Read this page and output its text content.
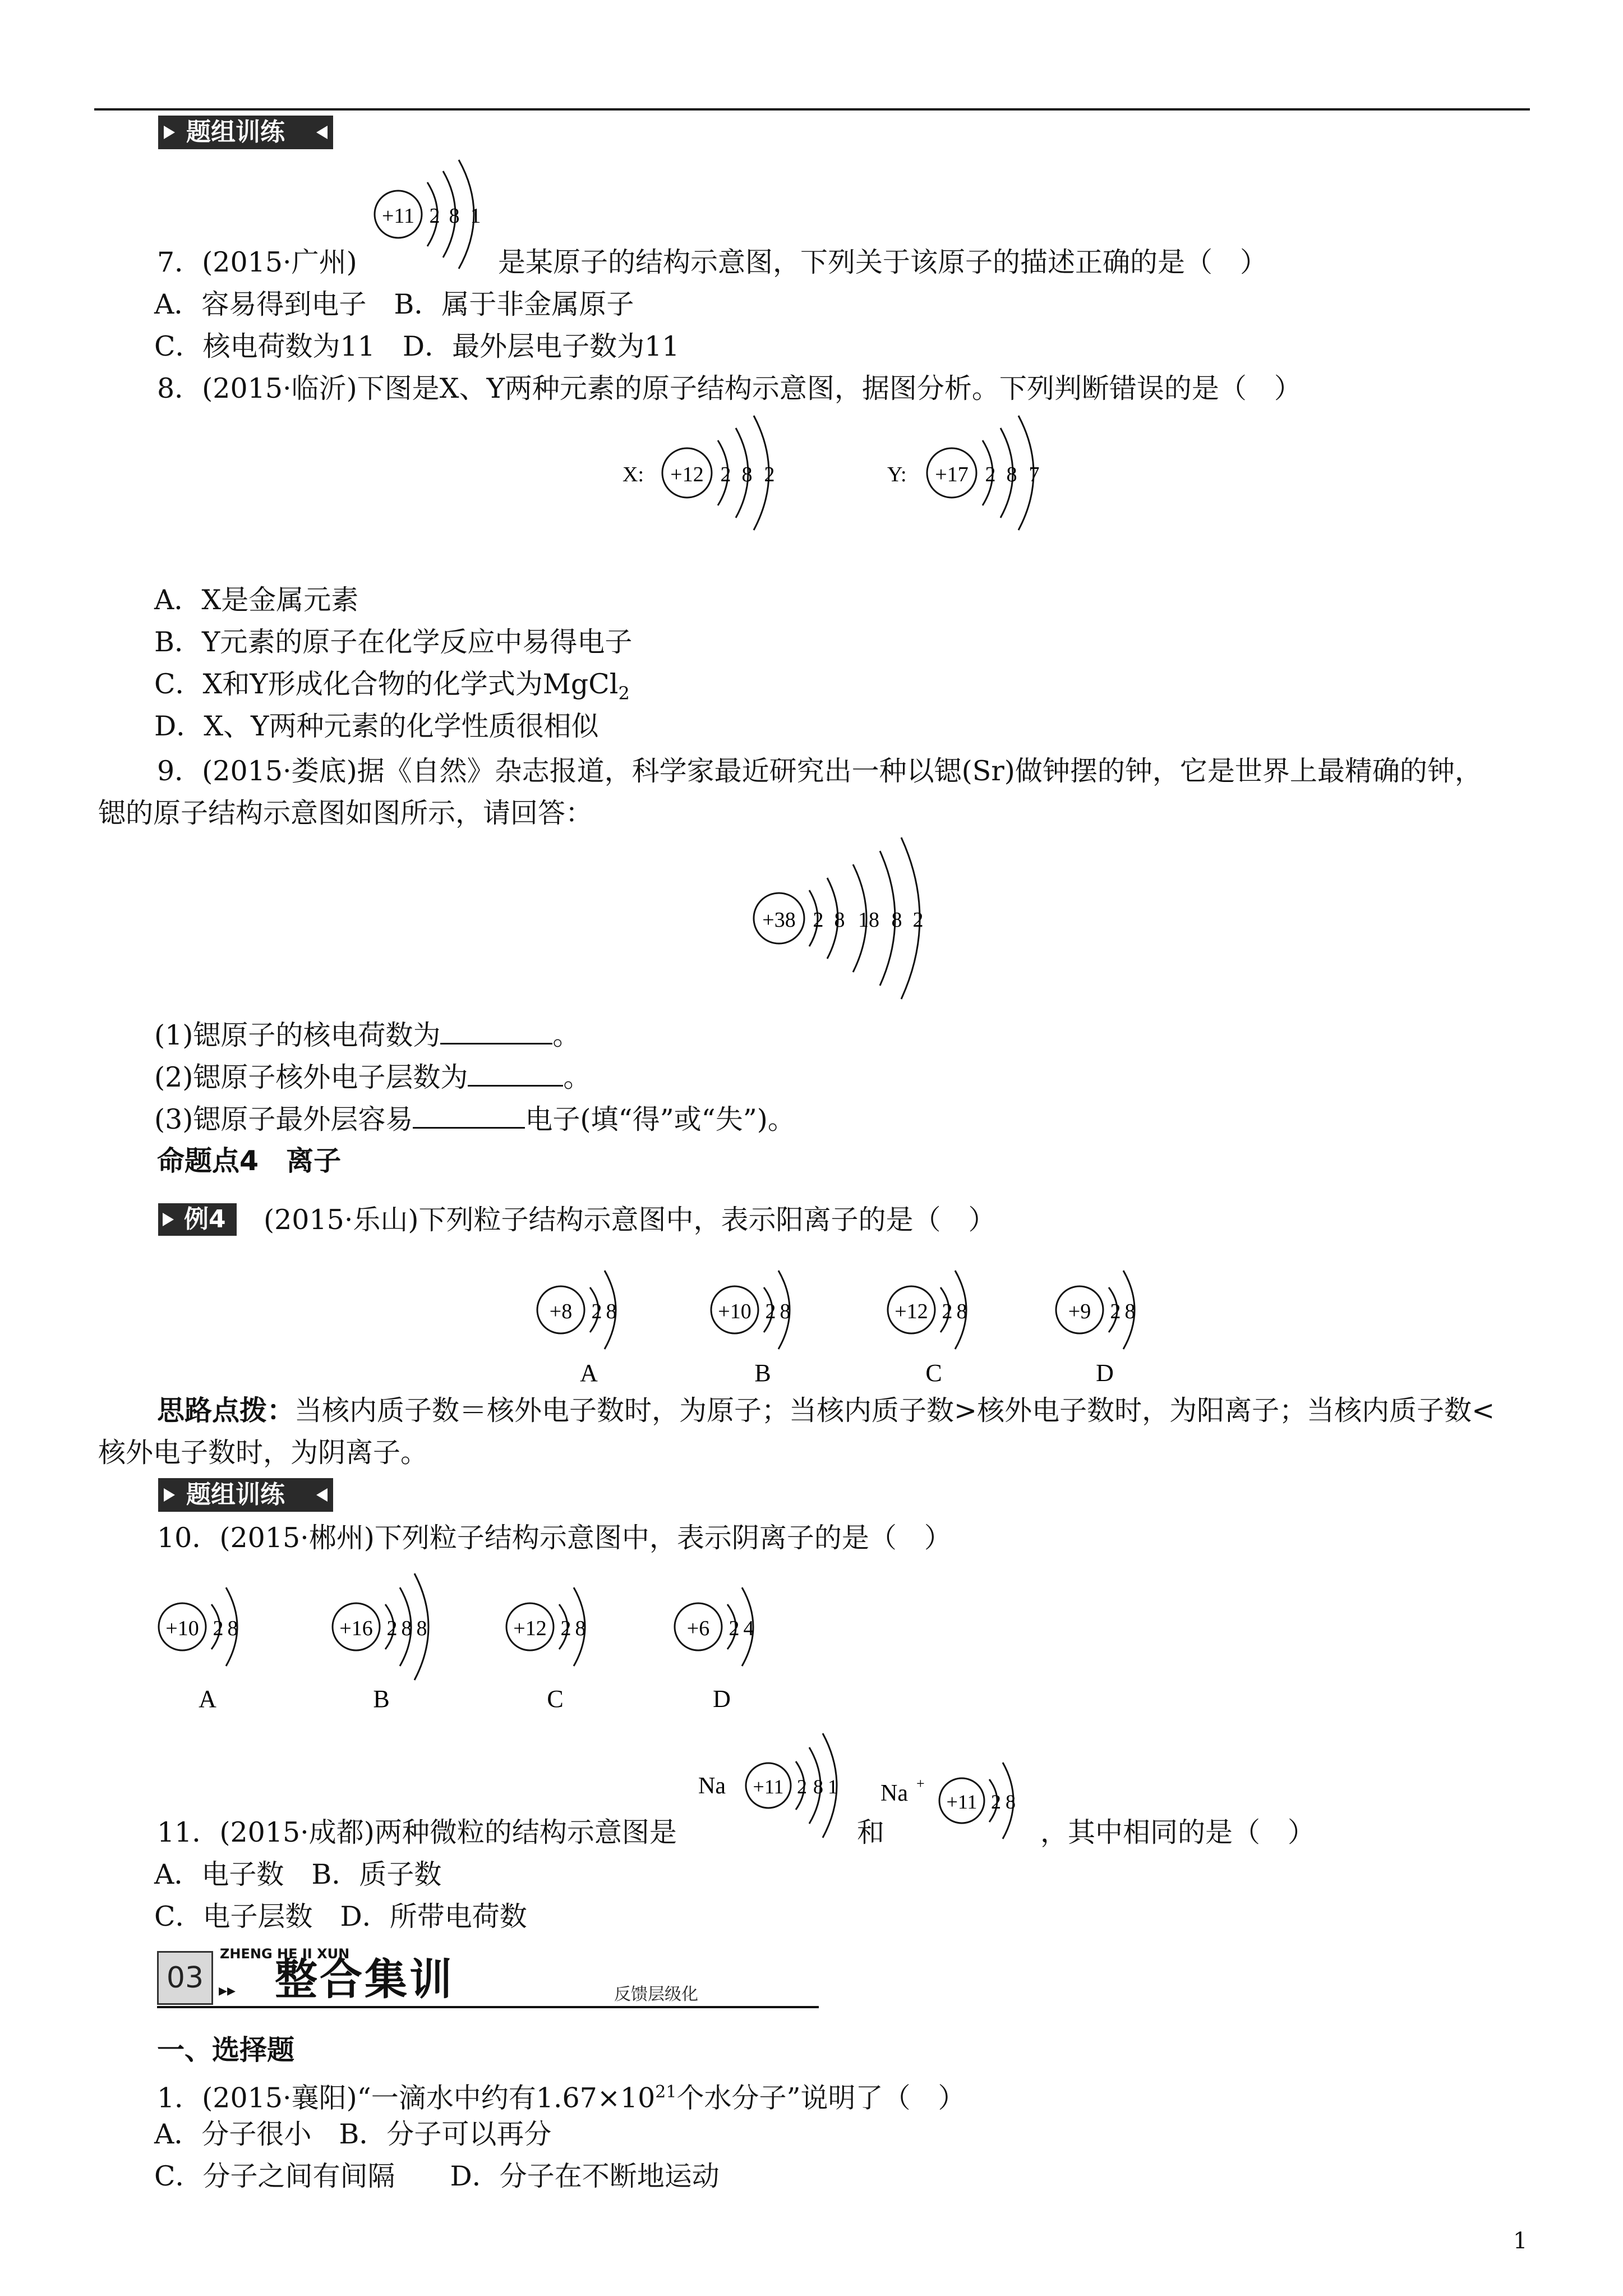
题组训练
7．(2015·广州)
+11 2 8 1
是某原子的结构示意图，下列关于该原子的描述正确的是（　）
A．容易得到电子　B．属于非金属原子
C．核电荷数为11　D．最外层电子数为11
8．(2015·临沂)下图是X、Y两种元素的原子结构示意图，据图分析。下列判断错误的是（　）
X: +12 2 8 2	Y: +17 2 8 7
A．X是金属元素
B．Y元素的原子在化学反应中易得电子
C．X和Y形成化合物的化学式为MgCl$_2$
D．X、Y两种元素的化学性质很相似
9．(2015·娄底)据《自然》杂志报道，科学家最近研究出一种以锶(Sr)做钟摆的钟，它是世界上最精确的钟，
锶的原子结构示意图如图所示，请回答：
+38 2 8 18 8 2
(1)锶原子的核电荷数为	。
(2)锶原子核外电子层数为	。
(3)锶原子最外层容易	电子(填“得”或“失”)。
命题点4　离子
例4	(2015·乐山)下列粒子结构示意图中，表示阳离子的是（　）
+8 2 8
A
+10 2 8
B
+12 2 8
C
+9 2 8
D
思路点拨：当核内质子数＝核外电子数时，为原子；当核内质子数>核外电子数时，为阳离子；当核内质子数<
核外电子数时，为阴离子。
题组训练
10．(2015·郴州)下列粒子结构示意图中，表示阴离子的是（　）
+10 2 8
A
+16 2 8 8
B
+12 2 8
C
+6 2 4
D
11．(2015·成都)两种微粒的结构示意图是
Na +11 2 8 1
和
Na +
+11 2 8
，其中相同的是（　）
A．电子数　B．质子数
C．电子层数　D．所带电荷数
03
ZHENG HE JI XUN
▸▸ 整合集训	反馈层级化
一、选择题
1．(2015·襄阳)“一滴水中约有$1.67\times 10^{21}$个水分子”说明了（　）
A．分子很小　B．分子可以再分
C．分子之间有间隔　　D．分子在不断地运动
1
